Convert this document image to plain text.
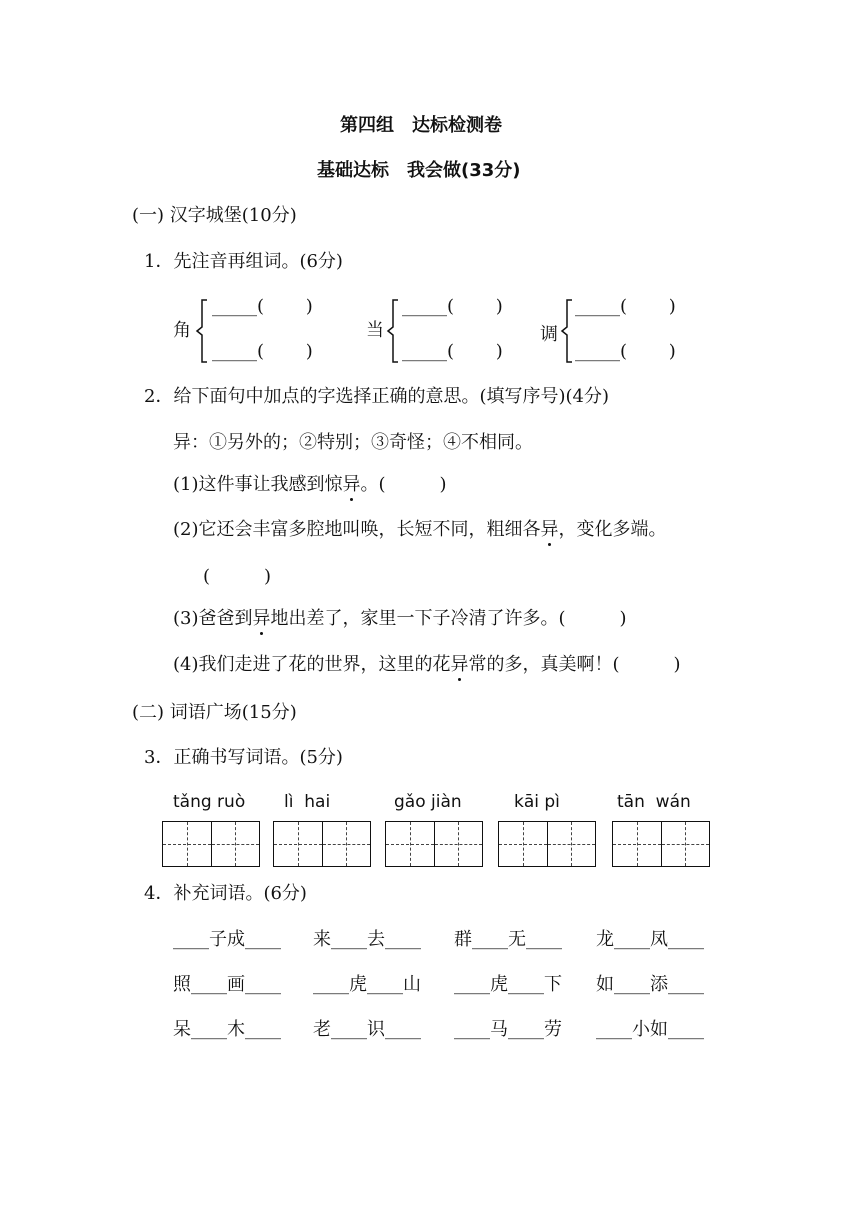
第四组　达标检测卷
基础达标　我会做(33分)
(一) 汉字城堡(10分)
1．先注音再组词。(6分)
角
_____(　　 )
_____(　　 )
当
_____(　　 )
_____(　　 )
调
_____(　　 )
_____(　　 )
2．给下面句中加点的字选择正确的意思。(填写序号)(4分)
异：①另外的；②特别；③奇怪；④不相同。
(1)这件事让我感到惊异。(　　　)
(2)它还会丰富多腔地叫唤，长短不同，粗细各异，变化多端。
(　　　)
(3)爸爸到异地出差了，家里一下子冷清了许多。(　　　)
(4)我们走进了花的世界，这里的花异常的多，真美啊！(　　　)
(二) 词语广场(15分)
3．正确书写词语。(5分)
tǎng ruò lì  hai	gǎo jiàn	kāi pì	tān  wán
4．补充词语。(6分)
____子成____ 来____去____ 群____无____ 龙____凤____
照____画____ ____虎____山 ____虎____下 如____添____
呆____木____ 老____识____ ____马____劳 ____小如____
